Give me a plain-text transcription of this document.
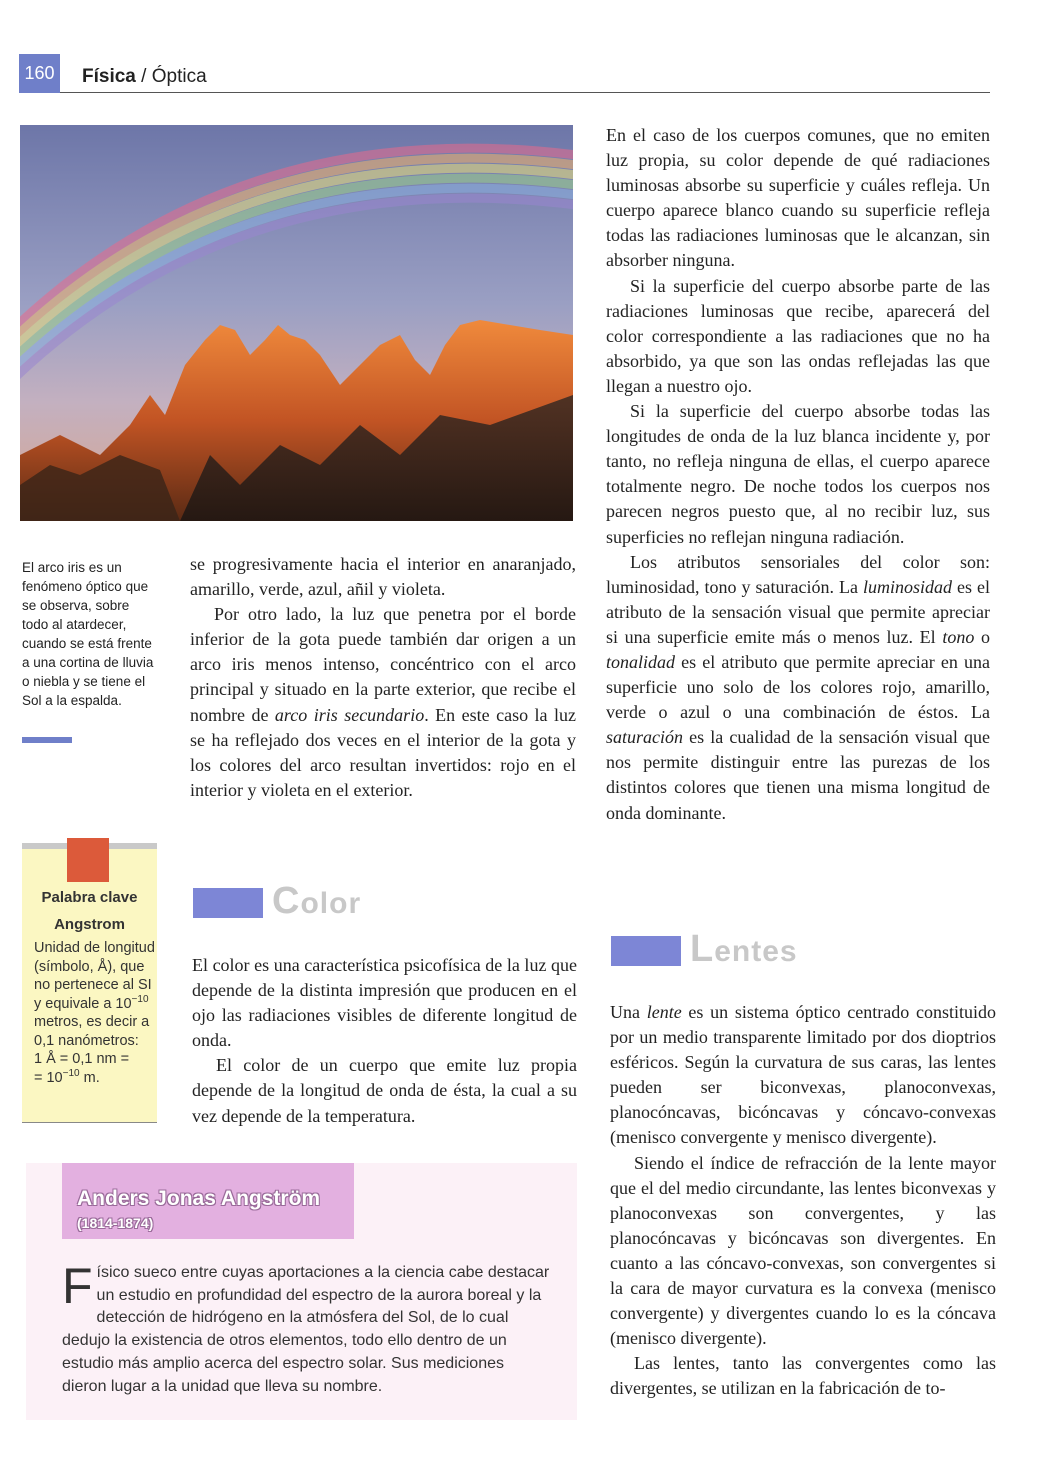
160 Física / Óptica
El arco iris es un fenómeno óptico que se observa, sobre todo al atardecer, cuando se está frente a una cortina de lluvia o niebla y se tiene el Sol a la espalda.

se progresivamente hacia el interior en anaranjado, amarillo, verde, azul, añil y violeta.

Por otro lado, la luz que penetra por el borde inferior de la gota puede también dar origen a un arco iris menos intenso, concéntrico con el arco principal y situado en la parte exterior, que recibe el nombre de arco iris secundario. En este caso la luz se ha reflejado dos veces en el interior de la gota y los colores del arco resultan invertidos: rojo en el interior y violeta en el exterior.

Palabra clave
Angstrom
Unidad de longitud (símbolo, Å), que no pertenece al SI y equivale a $10^{-10}$ metros, es decir a 0,1 nanómetros:
1 Å = 0,1 nm =
= $10^{-10}$ m.
Color

El color es una característica psicofísica de la luz que depende de la distinta impresión que producen en el ojo las radiaciones visibles de diferente longitud de onda.

El color de un cuerpo que emite luz propia depende de la longitud de onda de ésta, la cual a su vez depende de la temperatura.

En el caso de los cuerpos comunes, que no emiten luz propia, su color depende de qué radiaciones luminosas absorbe su superficie y cuáles refleja. Un cuerpo aparece blanco cuando su superficie refleja todas las radiaciones luminosas que le alcanzan, sin absorber ninguna.

Si la superficie del cuerpo absorbe parte de las radiaciones luminosas que recibe, aparecerá del color correspondiente a las radiaciones que no ha absorbido, ya que son las ondas reflejadas las que llegan a nuestro ojo.

Si la superficie del cuerpo absorbe todas las longitudes de onda de la luz blanca incidente y, por tanto, no refleja ninguna de ellas, el cuerpo aparece totalmente negro. De noche todos los cuerpos nos parecen negros puesto que, al no recibir luz, sus superficies no reflejan ninguna radiación.

Los atributos sensoriales del color son: luminosidad, tono y saturación. La luminosidad es el atributo de la sensación visual que permite apreciar si una superficie emite más o menos luz. El tono o tonalidad es el atributo que permite apreciar en una superficie uno solo de los colores rojo, amarillo, verde o azul o una combinación de éstos. La saturación es la cualidad de la sensación visual que nos permite distinguir entre las purezas de los distintos colores que tienen una misma longitud de onda dominante.

Lentes

Una lente es un sistema óptico centrado constituido por un medio transparente limitado por dos dioptrios esféricos. Según la curvatura de sus caras, las lentes pueden ser biconvexas, planoconvexas, planocóncavas, bicóncavas y cóncavo-convexas (menisco convergente y menisco divergente).

Siendo el índice de refracción de la lente mayor que el del medio circundante, las lentes biconvexas y planoconvexas son convergentes, y las planocóncavas y bicóncavas son divergentes. En cuanto a las cóncavo-convexas, son convergentes si la cara de mayor curvatura es la convexa (menisco convergente) y divergentes cuando lo es la cóncava (menisco divergente).

Las lentes, tanto las convergentes como las divergentes, se utilizan en la fabricación de to-

Anders Jonas Angström
(1814-1874)
Físico sueco entre cuyas aportaciones a la ciencia cabe destacar un estudio en profundidad del espectro de la aurora boreal y la detección de hidrógeno en la atmósfera del Sol, de lo cual dedujo la existencia de otros elementos, todo ello dentro de un estudio más amplio acerca del espectro solar. Sus mediciones dieron lugar a la unidad que lleva su nombre.
